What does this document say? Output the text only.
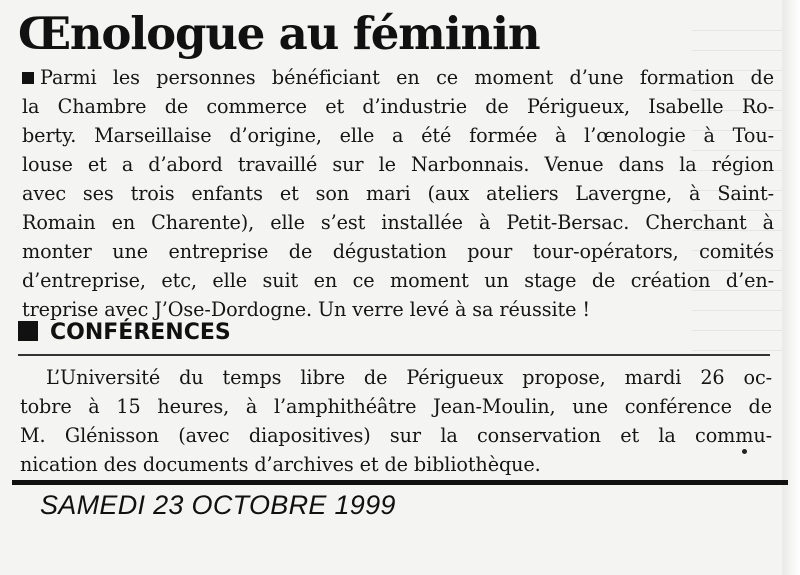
Œnologue au féminin
Parmi les personnes bénéficiant en ce moment d’une formation de
la Chambre de commerce et d’industrie de Périgueux, Isabelle Ro-
berty. Marseillaise d’origine, elle a été formée à l’œnologie à Tou-
louse et a d’abord travaillé sur le Narbonnais. Venue dans la région
avec ses trois enfants et son mari (aux ateliers Lavergne, à Saint-
Romain en Charente), elle s’est installée à Petit-Bersac. Cherchant à
monter une entreprise de dégustation pour tour-opérators, comités
d’entreprise, etc, elle suit en ce moment un stage de création d’en-
treprise avec J’Ose-Dordogne. Un verre levé à sa réussite !
CONFÉRENCES
L’Université du temps libre de Périgueux propose, mardi 26 oc-
tobre à 15 heures, à l’amphithéâtre Jean-Moulin, une conférence de
M. Glénisson (avec diapositives) sur la conservation et la commu-
nication des documents d’archives et de bibliothèque.
SAMEDI 23 OCTOBRE 1999
